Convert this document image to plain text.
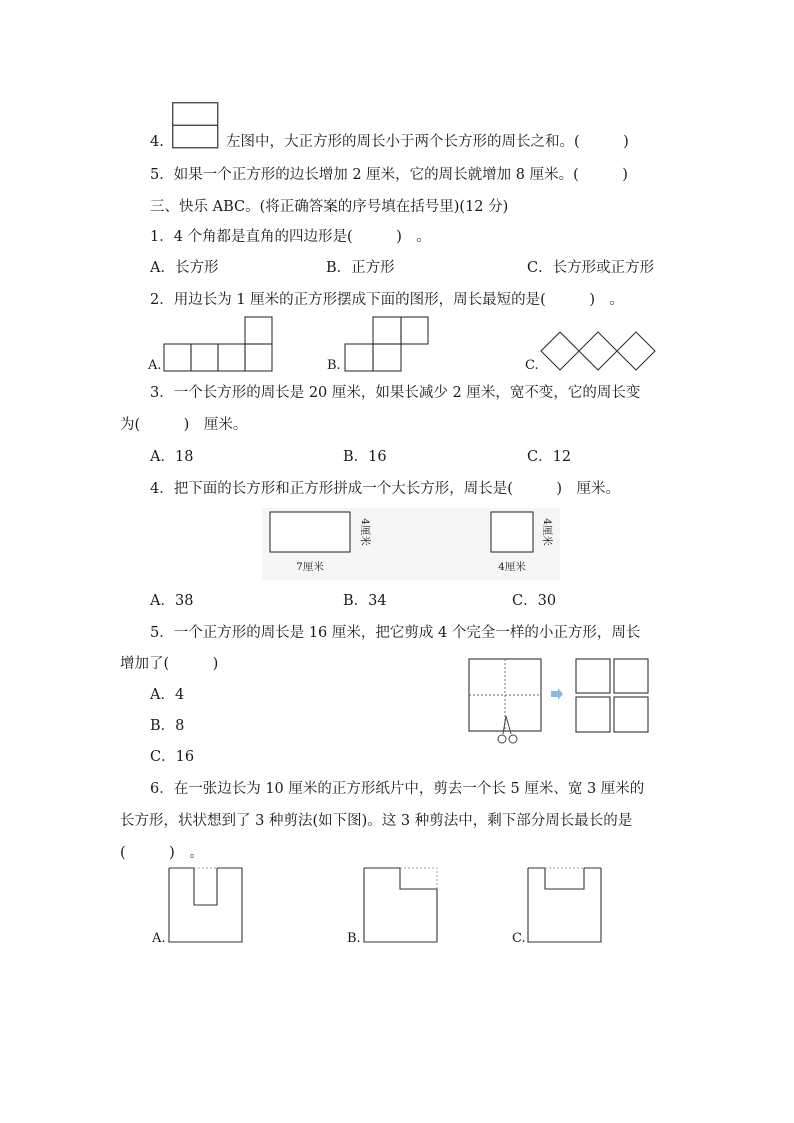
4.	左图中，大正方形的周长小于两个长方形的周长之和。(　　　)
5．如果一个正方形的边长增加 2 厘米，它的周长就增加 8 厘米。(　　　)
三、快乐 ABC。(将正确答案的序号填在括号里)(12 分)
1．4 个角都是直角的四边形是(　　　)　。
A．长方形	B．正方形	C．长方形或正方形
2．用边长为 1 厘米的正方形摆成下面的图形，周长最短的是(　　　)　。
A.	B.	C.
3．一个长方形的周长是 20 厘米，如果长减少 2 厘米，宽不变，它的周长变
为(　　　)　厘米。
A．18	B．16	C．12
4．把下面的长方形和正方形拼成一个大长方形，周长是(　　　)　厘米。
4厘米
7厘米
4厘米
4厘米
A．38	B．34	C．30
5．一个正方形的周长是 16 厘米，把它剪成 4 个完全一样的小正方形，周长
增加了(　　　)
A．4
B．8
C．16
6．在一张边长为 10 厘米的正方形纸片中，剪去一个长 5 厘米、宽 3 厘米的
长方形，状状想到了 3 种剪法(如下图)。这 3 种剪法中，剩下部分周长最长的是
(　　　)　。
A.	B.	C.
